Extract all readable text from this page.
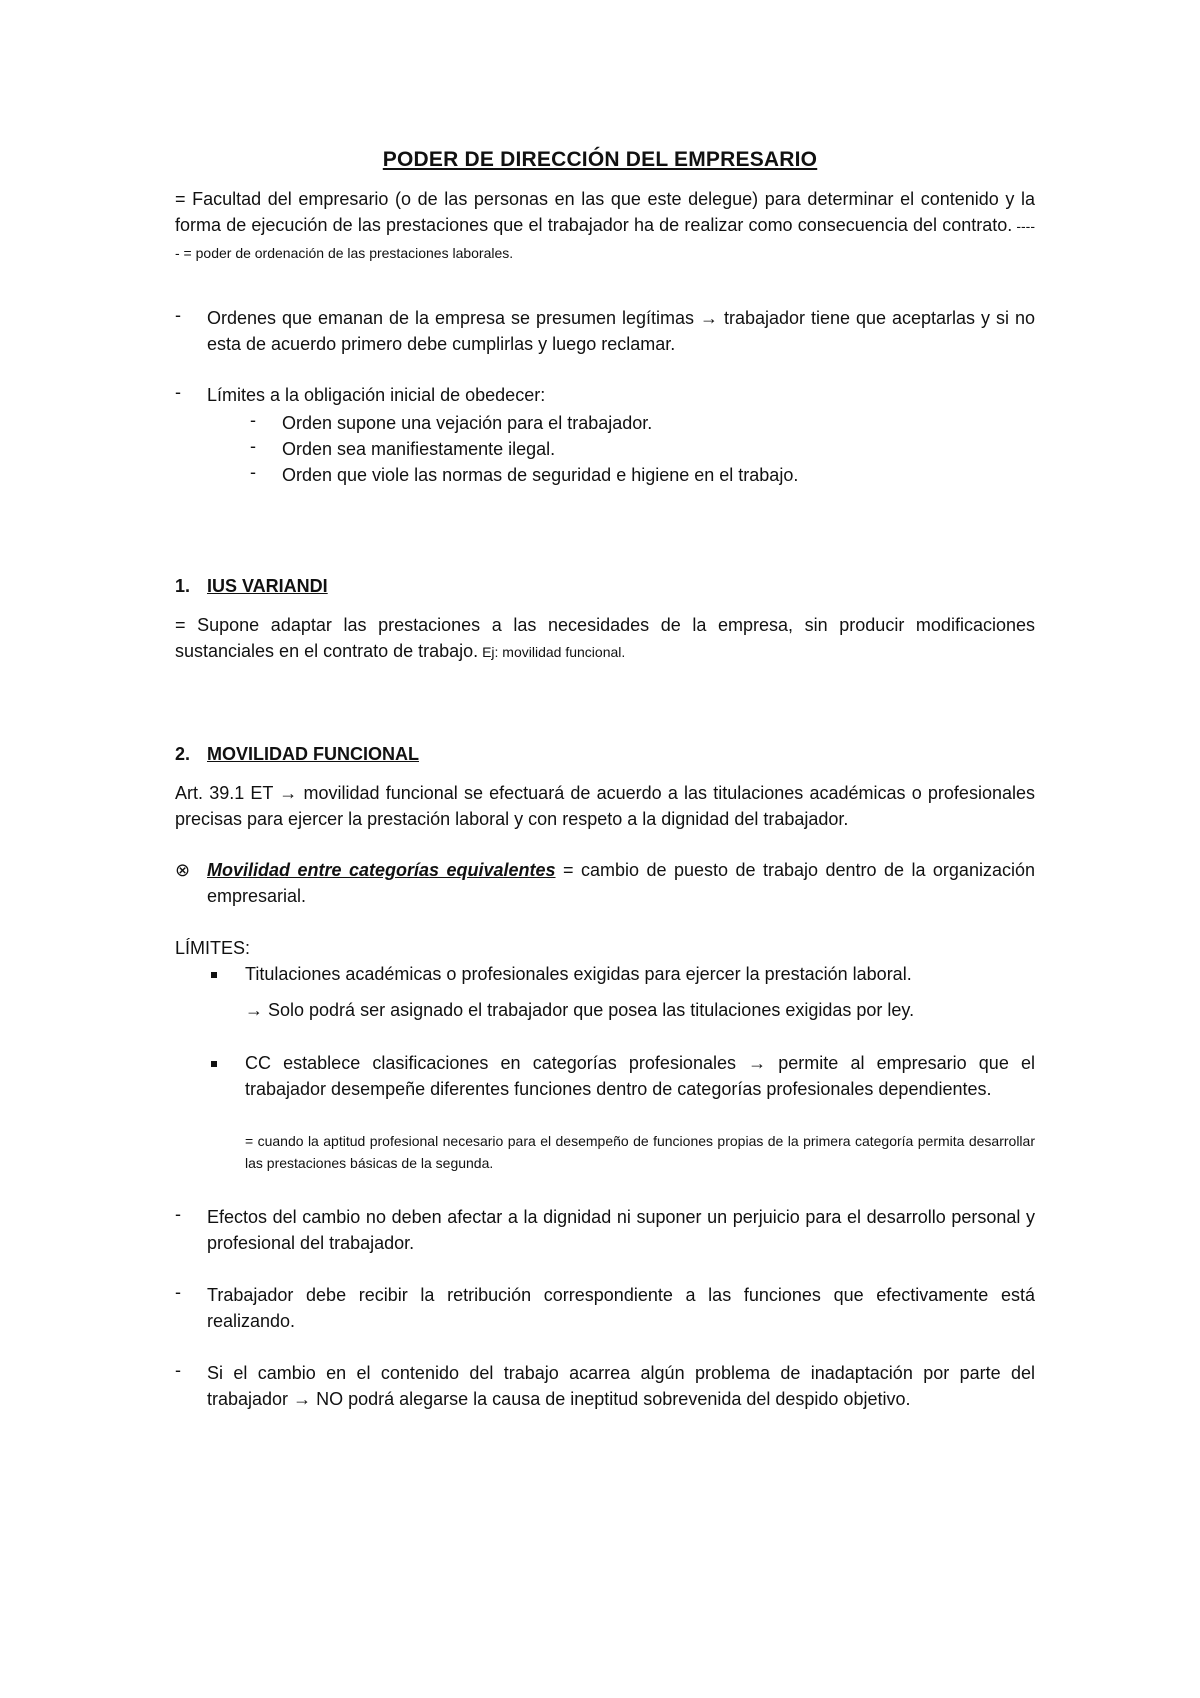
PODER DE DIRECCIÓN DEL EMPRESARIO
= Facultad del empresario (o de las personas en las que este delegue) para determinar el contenido y la forma de ejecución de las prestaciones que el trabajador ha de realizar como consecuencia del contrato. ----- = poder de ordenación de las prestaciones laborales.
- Ordenes que emanan de la empresa se presumen legítimas → trabajador tiene que aceptarlas y si no esta de acuerdo primero debe cumplirlas y luego reclamar.
- Límites a la obligación inicial de obedecer:
- Orden supone una vejación para el trabajador.
- Orden sea manifiestamente ilegal.
- Orden que viole las normas de seguridad e higiene en el trabajo.
1. IUS VARIANDI
= Supone adaptar las prestaciones a las necesidades de la empresa, sin producir modificaciones sustanciales en el contrato de trabajo. Ej: movilidad funcional.
2. MOVILIDAD FUNCIONAL
Art. 39.1 ET → movilidad funcional se efectuará de acuerdo a las titulaciones académicas o profesionales precisas para ejercer la prestación laboral y con respeto a la dignidad del trabajador.
⊗ Movilidad entre categorías equivalentes = cambio de puesto de trabajo dentro de la organización empresarial.
LÍMITES:
Titulaciones académicas o profesionales exigidas para ejercer la prestación laboral.
→ Solo podrá ser asignado el trabajador que posea las titulaciones exigidas por ley.
CC establece clasificaciones en categorías profesionales → permite al empresario que el trabajador desempeñe diferentes funciones dentro de categorías profesionales dependientes.
= cuando la aptitud profesional necesario para el desempeño de funciones propias de la primera categoría permita desarrollar las prestaciones básicas de la segunda.
- Efectos del cambio no deben afectar a la dignidad ni suponer un perjuicio para el desarrollo personal y profesional del trabajador.
- Trabajador debe recibir la retribución correspondiente a las funciones que efectivamente está realizando.
- Si el cambio en el contenido del trabajo acarrea algún problema de inadaptación por parte del trabajador → NO podrá alegarse la causa de ineptitud sobrevenida del despido objetivo.
